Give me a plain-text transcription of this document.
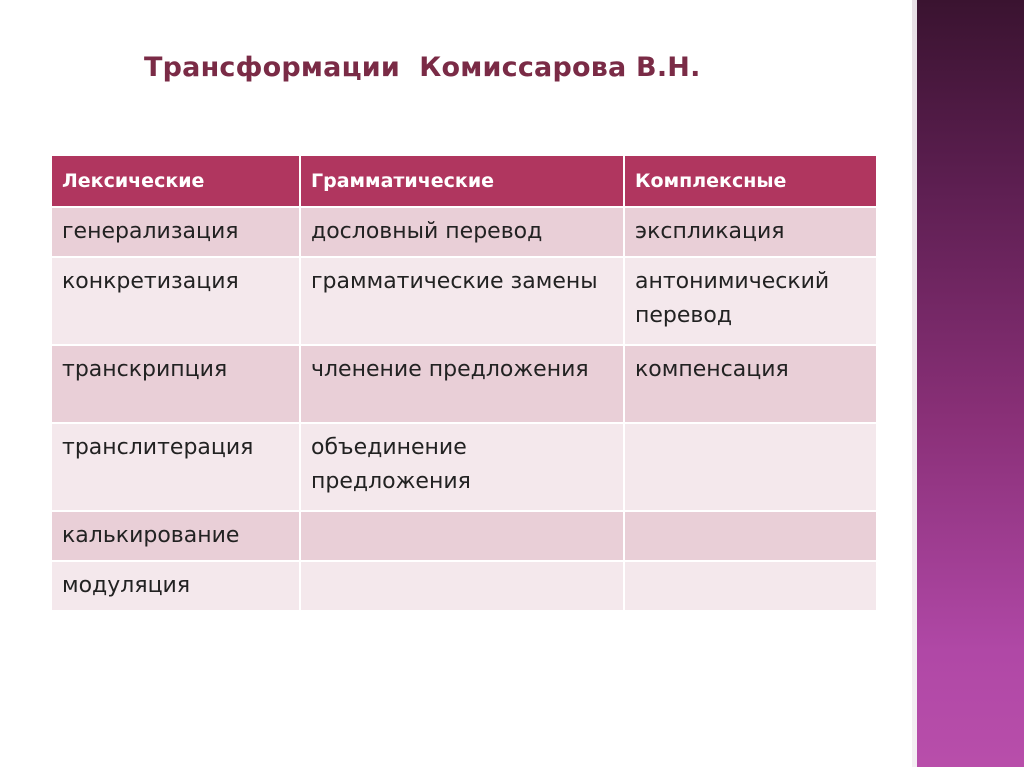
Трансформации  Комиссарова В.Н.
Лексические	Грамматические	Комплексные
генерализация	дословный перевод	экспликация
конкретизация	грамматические замены	антонимический перевод
транскрипция	членение предложения	компенсация
транслитерация	объединение предложения	
калькирование		
модуляция		
